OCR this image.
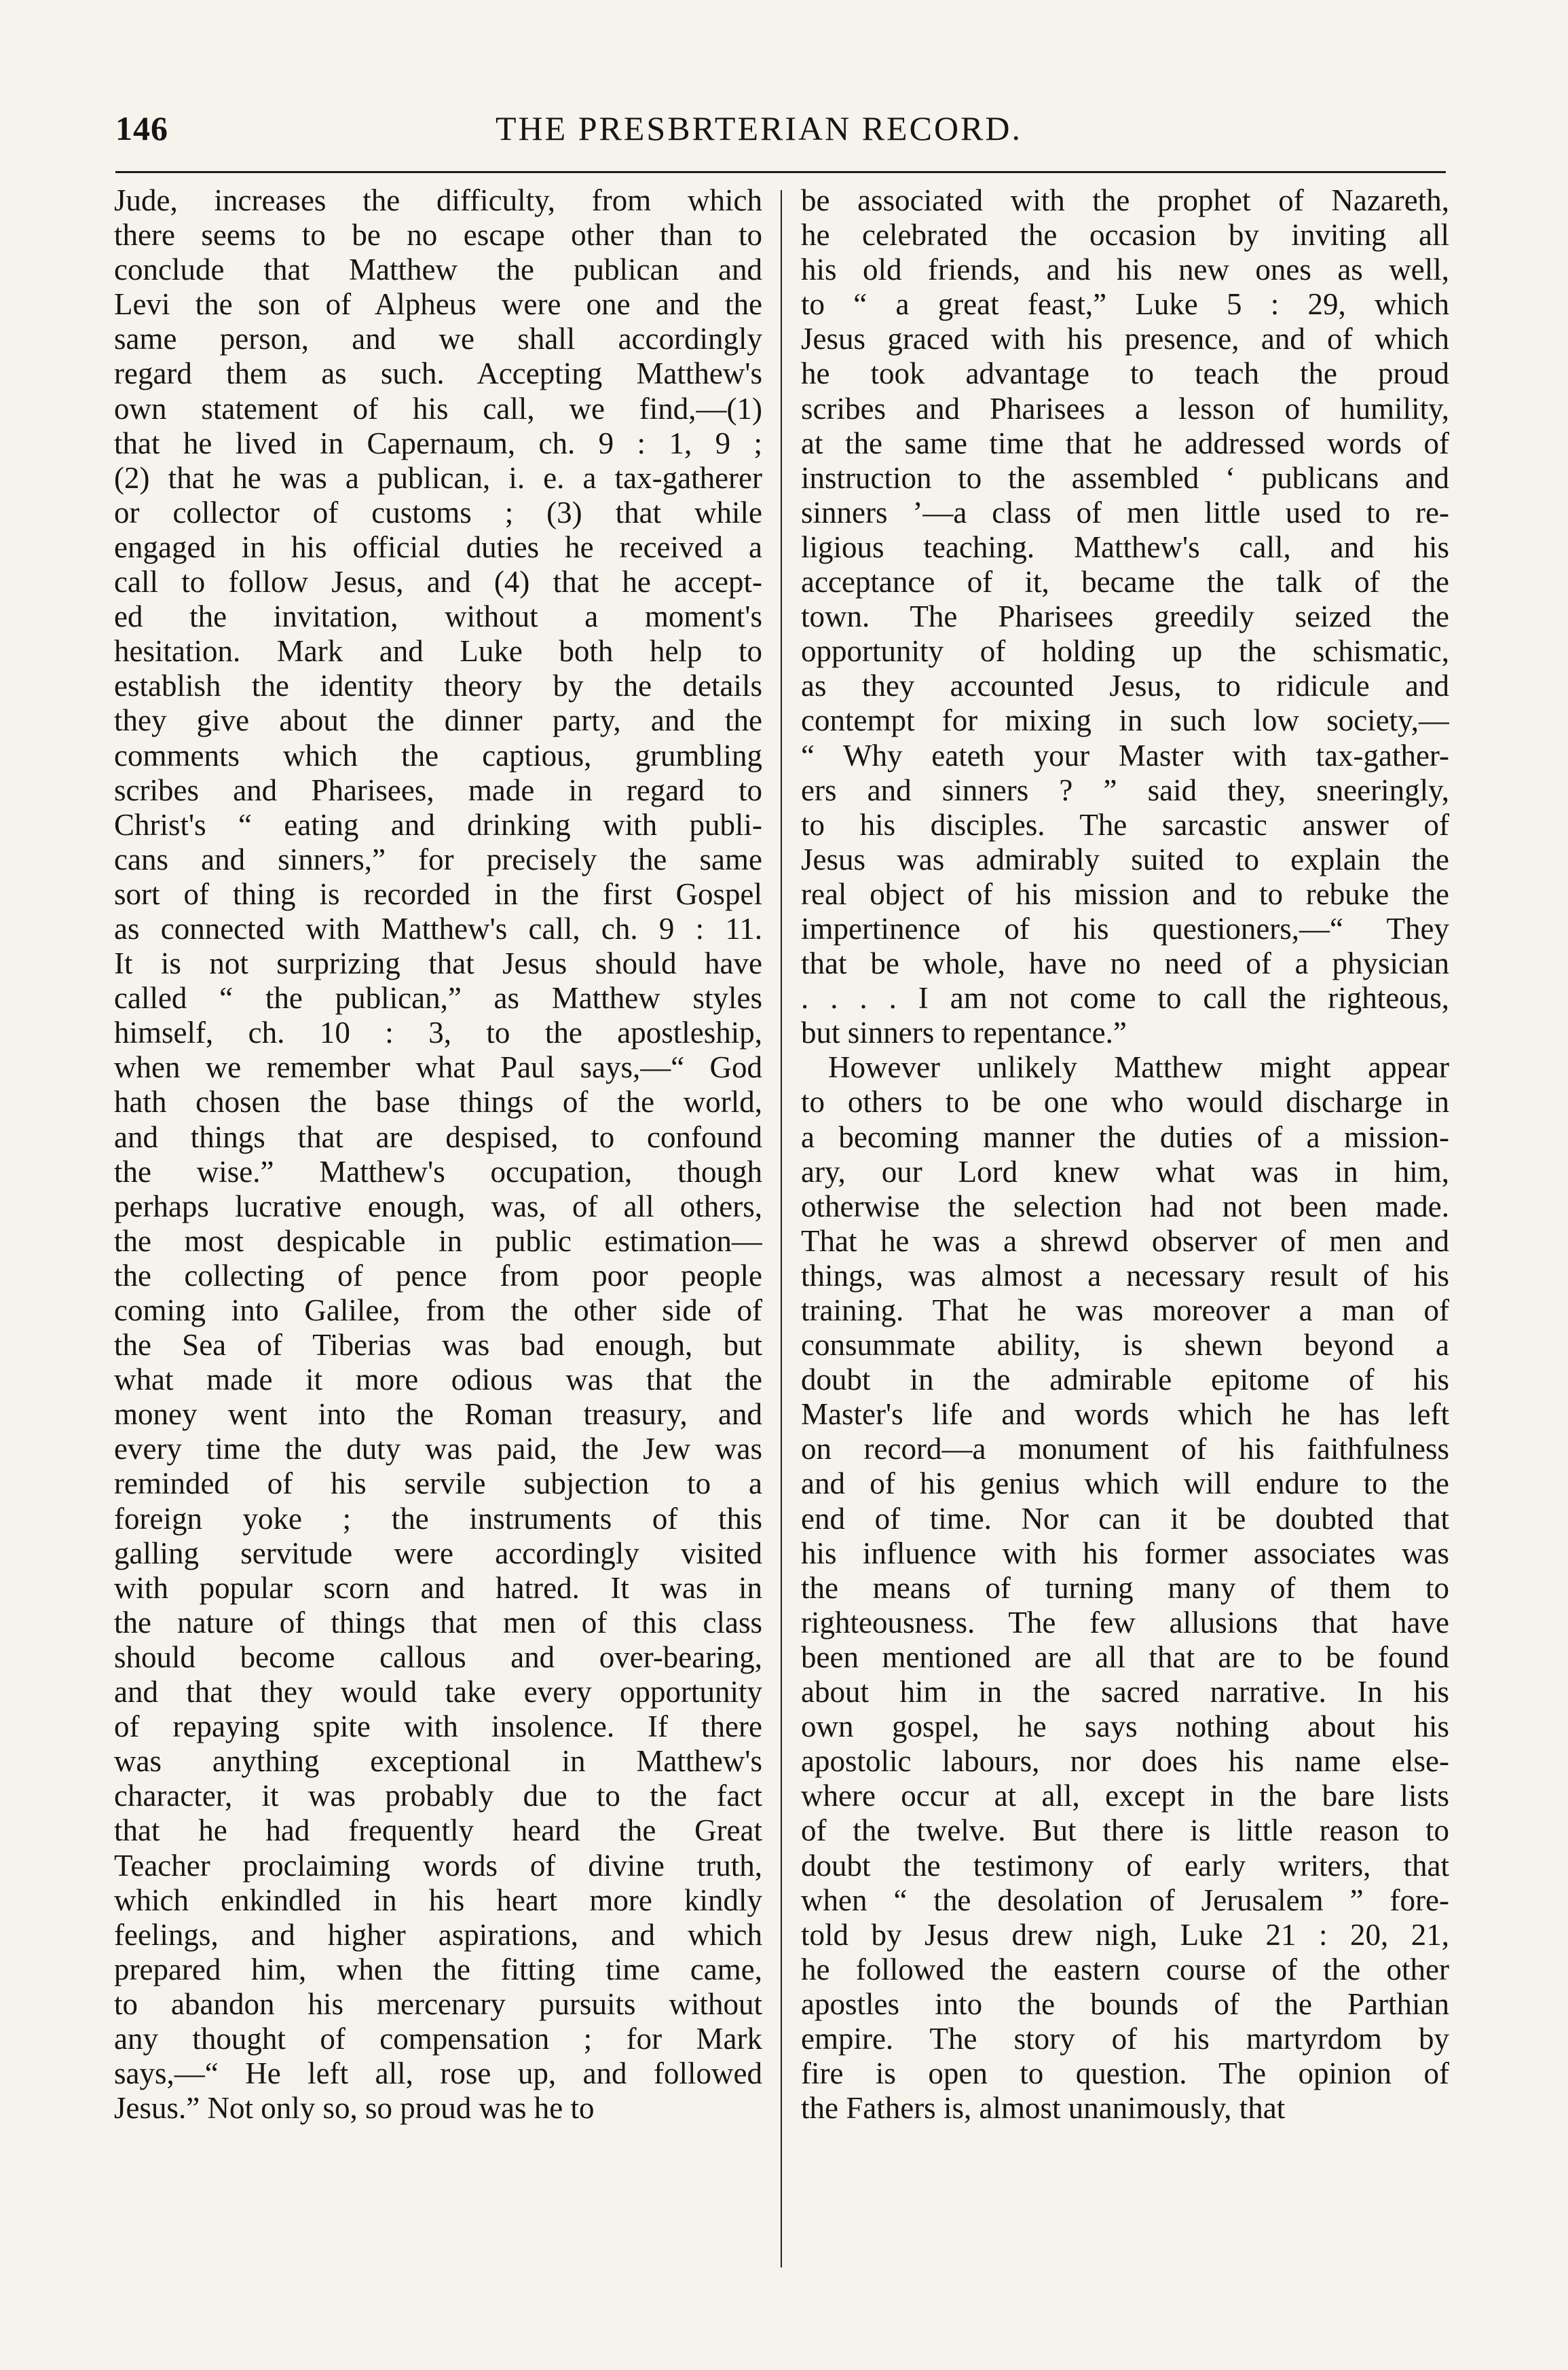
146	THE PRESBRTERIAN RECORD.
Jude, increases the difficulty, from which
there seems to be no escape other than to
conclude that Matthew the publican and
Levi the son of Alpheus were one and the
same person, and we shall accordingly
regard them as such. Accepting Matthew's
own statement of his call, we find,—(1)
that he lived in Capernaum, ch. 9 : 1, 9 ;
(2) that he was a publican, i. e. a tax-gatherer
or collector of customs ; (3) that while
engaged in his official duties he received a
call to follow Jesus, and (4) that he accept-
ed the invitation, without a moment's
hesitation. Mark and Luke both help to
establish the identity theory by the details
they give about the dinner party, and the
comments which the captious, grumbling
scribes and Pharisees, made in regard to
Christ's “ eating and drinking with publi-
cans and sinners,” for precisely the same
sort of thing is recorded in the first Gospel
as connected with Matthew's call, ch. 9 : 11.
It is not surprizing that Jesus should have
called “ the publican,” as Matthew styles
himself, ch. 10 : 3, to the apostleship,
when we remember what Paul says,—“ God
hath chosen the base things of the world,
and things that are despised, to confound
the wise.” Matthew's occupation, though
perhaps lucrative enough, was, of all others,
the most despicable in public estimation—
the collecting of pence from poor people
coming into Galilee, from the other side of
the Sea of Tiberias was bad enough, but
what made it more odious was that the
money went into the Roman treasury, and
every time the duty was paid, the Jew was
reminded of his servile subjection to a
foreign yoke ; the instruments of this
galling servitude were accordingly visited
with popular scorn and hatred. It was in
the nature of things that men of this class
should become callous and over-bearing,
and that they would take every opportunity
of repaying spite with insolence. If there
was anything exceptional in Matthew's
character, it was probably due to the fact
that he had frequently heard the Great
Teacher proclaiming words of divine truth,
which enkindled in his heart more kindly
feelings, and higher aspirations, and which
prepared him, when the fitting time came,
to abandon his mercenary pursuits without
any thought of compensation ; for Mark
says,—“ He left all, rose up, and followed
Jesus.” Not only so, so proud was he to
be associated with the prophet of Nazareth,
he celebrated the occasion by inviting all
his old friends, and his new ones as well,
to “ a great feast,” Luke 5 : 29, which
Jesus graced with his presence, and of which
he took advantage to teach the proud
scribes and Pharisees a lesson of humility,
at the same time that he addressed words of
instruction to the assembled ‘ publicans and
sinners ’—a class of men little used to re-
ligious teaching. Matthew's call, and his
acceptance of it, became the talk of the
town. The Pharisees greedily seized the
opportunity of holding up the schismatic,
as they accounted Jesus, to ridicule and
contempt for mixing in such low society,—
“ Why eateth your Master with tax-gather-
ers and sinners ? ” said they, sneeringly,
to his disciples. The sarcastic answer of
Jesus was admirably suited to explain the
real object of his mission and to rebuke the
impertinence of his questioners,—“ They
that be whole, have no need of a physician
. . . . I am not come to call the righteous,
but sinners to repentance.”
However unlikely Matthew might appear
to others to be one who would discharge in
a becoming manner the duties of a mission-
ary, our Lord knew what was in him,
otherwise the selection had not been made.
That he was a shrewd observer of men and
things, was almost a necessary result of his
training. That he was moreover a man of
consummate ability, is shewn beyond a
doubt in the admirable epitome of his
Master's life and words which he has left
on record—a monument of his faithfulness
and of his genius which will endure to the
end of time. Nor can it be doubted that
his influence with his former associates was
the means of turning many of them to
righteousness. The few allusions that have
been mentioned are all that are to be found
about him in the sacred narrative. In his
own gospel, he says nothing about his
apostolic labours, nor does his name else-
where occur at all, except in the bare lists
of the twelve. But there is little reason to
doubt the testimony of early writers, that
when “ the desolation of Jerusalem ” fore-
told by Jesus drew nigh, Luke 21 : 20, 21,
he followed the eastern course of the other
apostles into the bounds of the Parthian
empire. The story of his martyrdom by
fire is open to question. The opinion of
the Fathers is, almost unanimously, that
